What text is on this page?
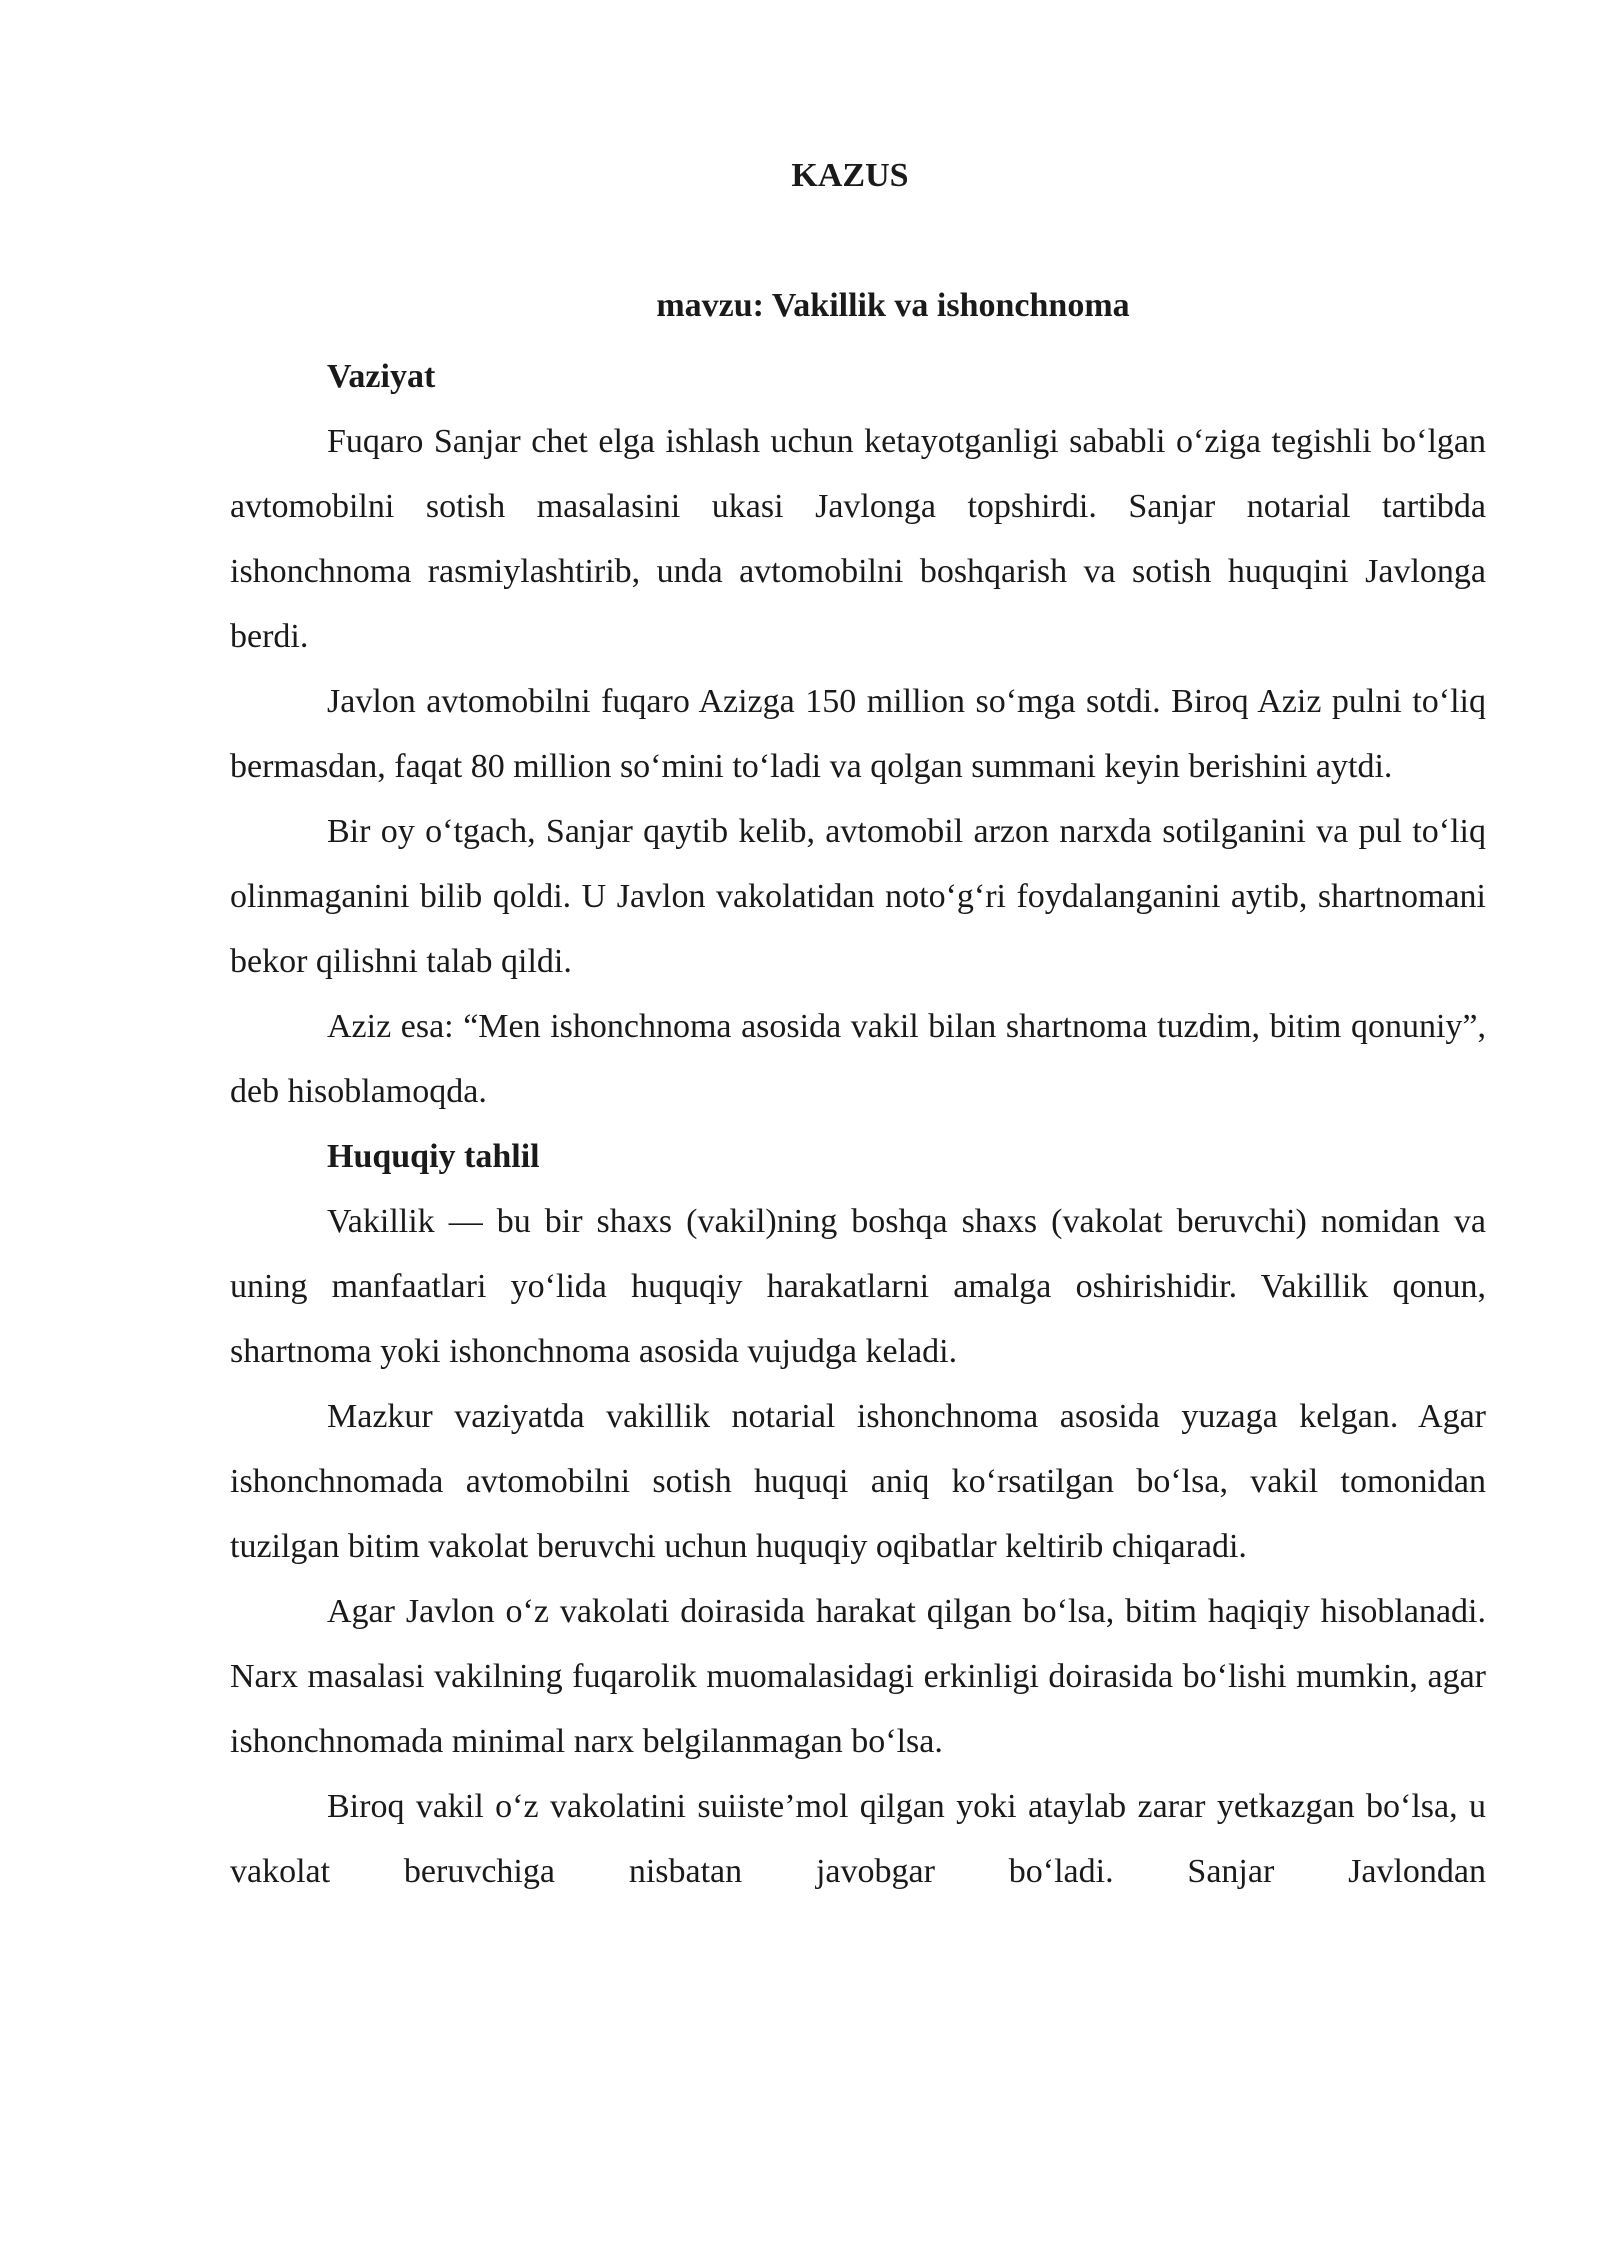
KAZUS
mavzu: Vakillik va ishonchnoma
Vaziyat

Fuqaro Sanjar chet elga ishlash uchun ketayotganligi sababli o‘ziga tegishli bo‘lgan avtomobilni sotish masalasini ukasi Javlonga topshirdi. Sanjar notarial tartibda ishonchnoma rasmiylashtirib, unda avtomobilni boshqarish va sotish huquqini Javlonga berdi.

Javlon avtomobilni fuqaro Azizga 150 million so‘mga sotdi. Biroq Aziz pulni to‘liq bermasdan, faqat 80 million so‘mini to‘ladi va qolgan summani keyin berishini aytdi.

Bir oy o‘tgach, Sanjar qaytib kelib, avtomobil arzon narxda sotilganini va pul to‘liq olinmaganini bilib qoldi. U Javlon vakolatidan noto‘g‘ri foydalanganini aytib, shartnomani bekor qilishni talab qildi.

Aziz esa: “Men ishonchnoma asosida vakil bilan shartnoma tuzdim, bitim qonuniy”, deb hisoblamoqda.

Huquqiy tahlil

Vakillik — bu bir shaxs (vakil)ning boshqa shaxs (vakolat beruvchi) nomidan va uning manfaatlari yo‘lida huquqiy harakatlarni amalga oshirishidir. Vakillik qonun, shartnoma yoki ishonchnoma asosida vujudga keladi.

Mazkur vaziyatda vakillik notarial ishonchnoma asosida yuzaga kelgan. Agar ishonchnomada avtomobilni sotish huquqi aniq ko‘rsatilgan bo‘lsa, vakil tomonidan tuzilgan bitim vakolat beruvchi uchun huquqiy oqibatlar keltirib chiqaradi.

Agar Javlon o‘z vakolati doirasida harakat qilgan bo‘lsa, bitim haqiqiy hisoblanadi. Narx masalasi vakilning fuqarolik muomalasidagi erkinligi doirasida bo‘lishi mumkin, agar ishonchnomada minimal narx belgilanmagan bo‘lsa.

Biroq vakil o‘z vakolatini suiiste’mol qilgan yoki ataylab zarar yetkazgan bo‘lsa, u vakolat beruvchiga nisbatan javobgar bo‘ladi. Sanjar Javlondan
